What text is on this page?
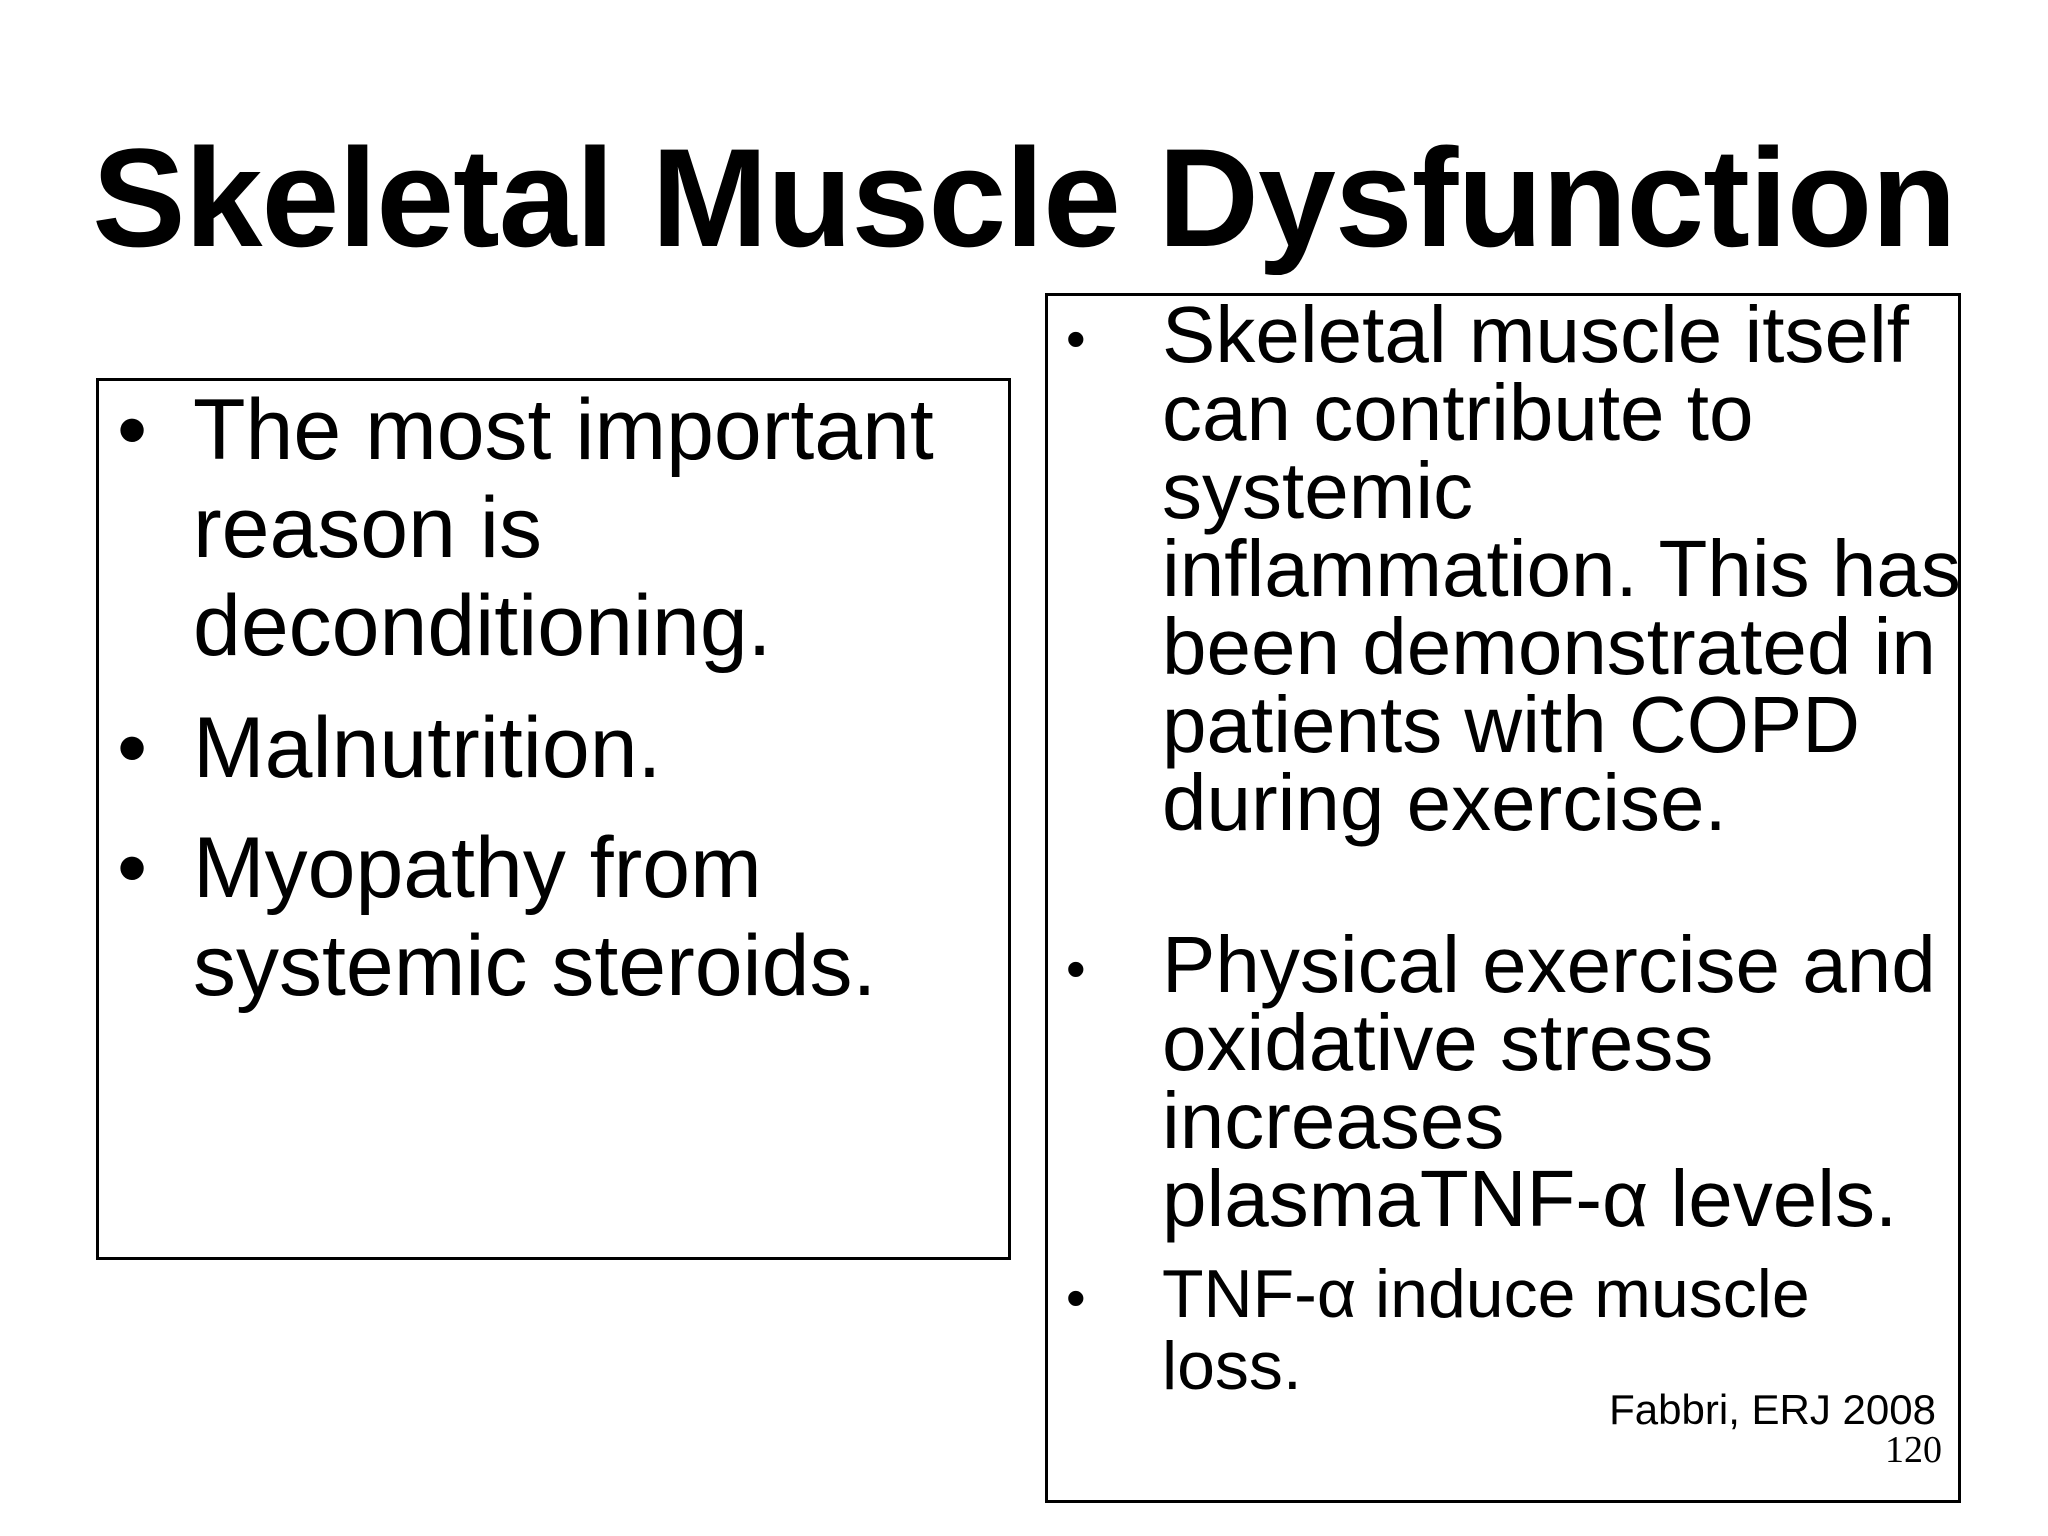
Skeletal Muscle Dysfunction
• The most important reason is deconditioning.
• Malnutrition.
• Myopathy from systemic steroids.
• Skeletal muscle itself can contribute to systemic inflammation. This has been demonstrated in patients with COPD during exercise.
• Physical exercise and oxidative stress increases plasmaTNF-α levels.
• TNF-α induce muscle loss.
Fabbri, ERJ 2008
120
